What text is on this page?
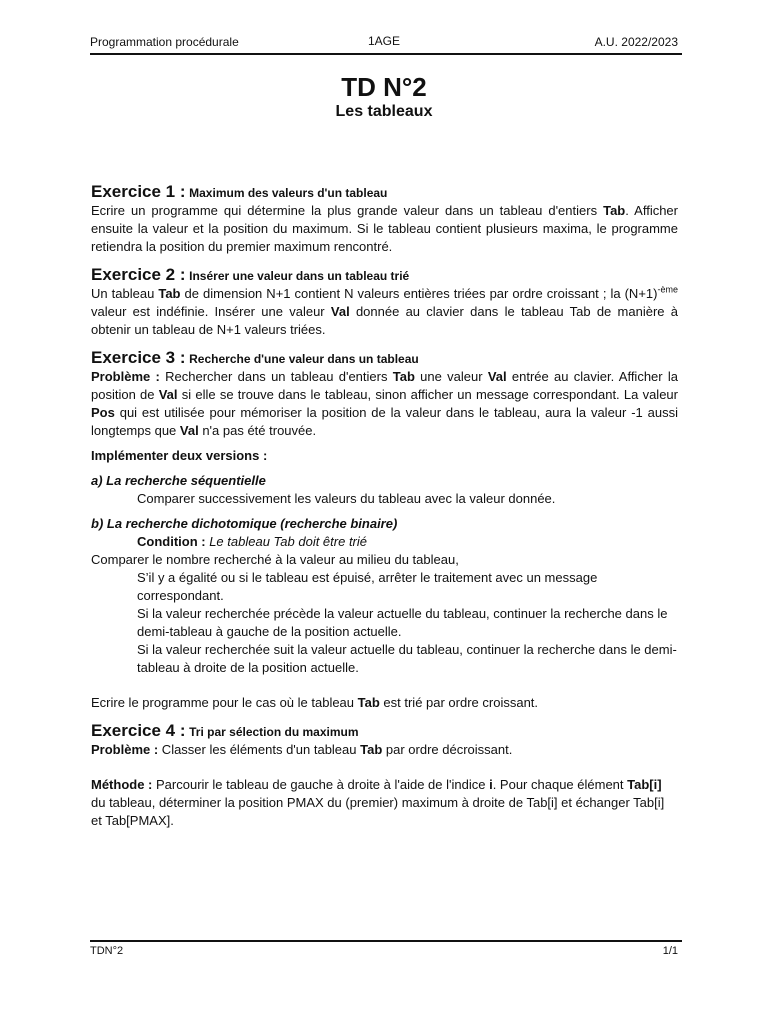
Programmation procédurale	1AGE	A.U. 2022/2023
TD N°2
Les tableaux

Exercice 1 : Maximum des valeurs d'un tableau

Ecrire un programme qui détermine la plus grande valeur dans un tableau d'entiers Tab. Afficher ensuite la valeur et la position du maximum. Si le tableau contient plusieurs maxima, le programme retiendra la position du premier maximum rencontré.

Exercice 2 : Insérer une valeur dans un tableau trié

Un tableau Tab de dimension N+1 contient N valeurs entières triées par ordre croissant ; la $(N+1)^{-ème}$ valeur est indéfinie. Insérer une valeur Val donnée au clavier dans le tableau Tab de manière à obtenir un tableau de N+1 valeurs triées.

Exercice 3 : Recherche d'une valeur dans un tableau

Problème : Rechercher dans un tableau d'entiers Tab une valeur Val entrée au clavier. Afficher la position de Val si elle se trouve dans le tableau, sinon afficher un message correspondant. La valeur Pos qui est utilisée pour mémoriser la position de la valeur dans le tableau, aura la valeur -1 aussi longtemps que Val n'a pas été trouvée.

Implémenter deux versions :

a) La recherche séquentielle

Comparer successivement les valeurs du tableau avec la valeur donnée.

b) La recherche dichotomique (recherche binaire)

Condition : Le tableau Tab doit être trié

Comparer le nombre recherché à la valeur au milieu du tableau,

S’il y a égalité ou si le tableau est épuisé, arrêter le traitement avec un message correspondant.

Si la valeur recherchée précède la valeur actuelle du tableau, continuer la recherche dans le demi-tableau à gauche de la position actuelle.

Si la valeur recherchée suit la valeur actuelle du tableau, continuer la recherche dans le demi-tableau à droite de la position actuelle.

Ecrire le programme pour le cas où le tableau Tab est trié par ordre croissant.

Exercice 4 : Tri par sélection du maximum

Problème : Classer les éléments d'un tableau Tab par ordre décroissant.

Méthode : Parcourir le tableau de gauche à droite à l'aide de l'indice i. Pour chaque élément Tab[i] du tableau, déterminer la position PMAX du (premier) maximum à droite de Tab[i] et échanger Tab[i] et Tab[PMAX].

TDN°2	1/1
